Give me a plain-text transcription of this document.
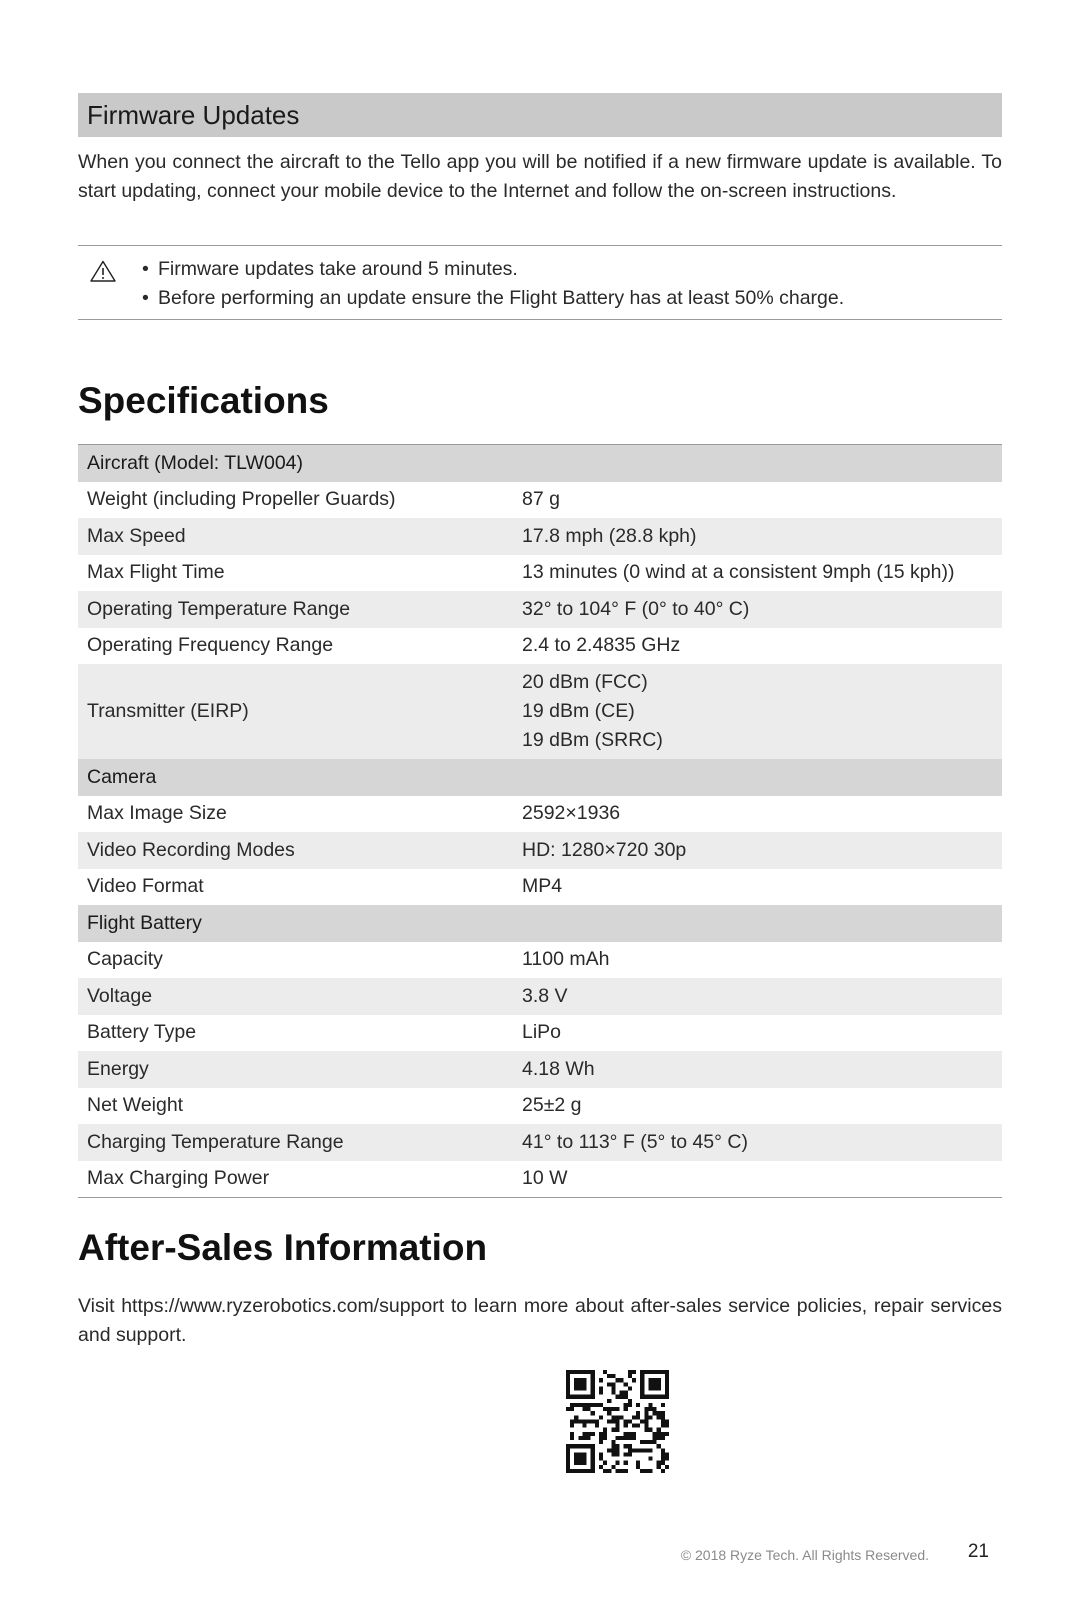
Firmware Updates
When you connect the aircraft to the Tello app you will be notified if a new firmware update is available. To start updating, connect your mobile device to the Internet and follow the on-screen instructions.
• Firmware updates take around 5 minutes.
• Before performing an update ensure the Flight Battery has at least 50% charge.
Specifications
Aircraft (Model: TLW004)	
Weight (including Propeller Guards)	87 g

Max Speed	17.8 mph (28.8 kph)

Max Flight Time	13 minutes (0 wind at a consistent 9mph (15 kph))

Operating Temperature Range	32° to 104° F (0° to 40° C)

Operating Frequency Range	2.4 to 2.4835 GHz

Transmitter (EIRP)	20 dBm (FCC)
19 dBm (CE)
19 dBm (SRRC)

Camera	
Max Image Size	2592×1936

Video Recording Modes	HD: 1280×720 30p

Video Format	MP4

Flight Battery	
Capacity	1100 mAh

Voltage	3.8 V

Battery Type	LiPo

Energy	4.18 Wh

Net Weight	25±2 g

Charging Temperature Range	41° to 113° F (5° to 45° C)

Max Charging Power	10 W
After-Sales Information
Visit https://www.ryzerobotics.com/support to learn more about after-sales service policies, repair services and support.
© 2018 Ryze Tech. All Rights Reserved. 21
